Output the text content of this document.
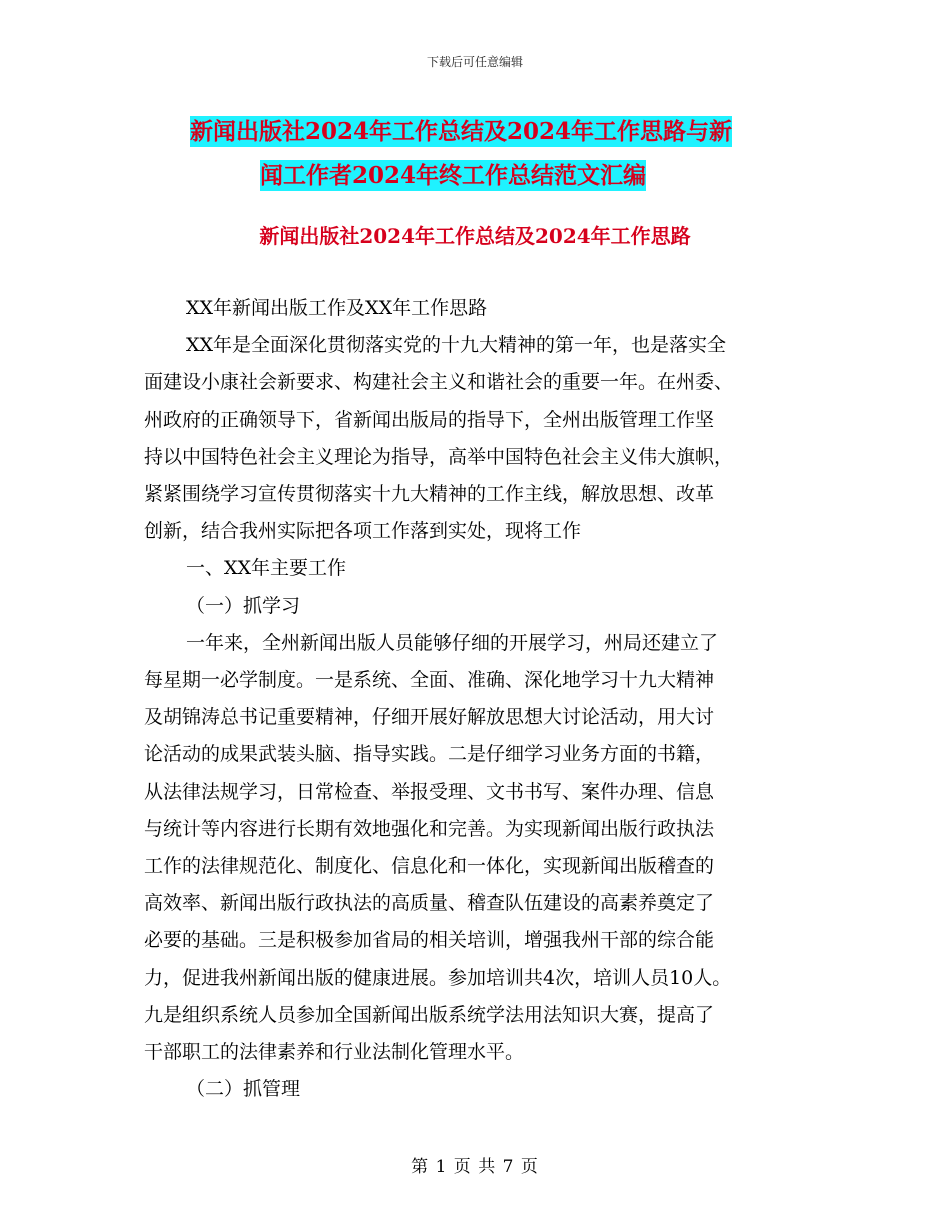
下载后可任意编辑
新闻出版社2024年工作总结及2024年工作思路与新
闻工作者2024年终工作总结范文汇编
新闻出版社2024年工作总结及2024年工作思路
XX年新闻出版工作及XX年工作思路
XX年是全面深化贯彻落实党的十九大精神的第一年，也是落实全
面建设小康社会新要求、构建社会主义和谐社会的重要一年。在州委、
州政府的正确领导下，省新闻出版局的指导下，全州出版管理工作坚
持以中国特色社会主义理论为指导，高举中国特色社会主义伟大旗帜，
紧紧围绕学习宣传贯彻落实十九大精神的工作主线，解放思想、改革
创新，结合我州实际把各项工作落到实处，现将工作
一、XX年主要工作
（一）抓学习
一年来，全州新闻出版人员能够仔细的开展学习，州局还建立了
每星期一必学制度。一是系统、全面、准确、深化地学习十九大精神
及胡锦涛总书记重要精神，仔细开展好解放思想大讨论活动，用大讨
论活动的成果武装头脑、指导实践。二是仔细学习业务方面的书籍，
从法律法规学习，日常检查、举报受理、文书书写、案件办理、信息
与统计等内容进行长期有效地强化和完善。为实现新闻出版行政执法
工作的法律规范化、制度化、信息化和一体化，实现新闻出版稽查的
高效率、新闻出版行政执法的高质量、稽查队伍建设的高素养奠定了
必要的基础。三是积极参加省局的相关培训，增强我州干部的综合能
力，促进我州新闻出版的健康进展。参加培训共4次，培训人员10人。
九是组织系统人员参加全国新闻出版系统学法用法知识大赛，提高了
干部职工的法律素养和行业法制化管理水平。
（二）抓管理
第 1 页 共 7 页
